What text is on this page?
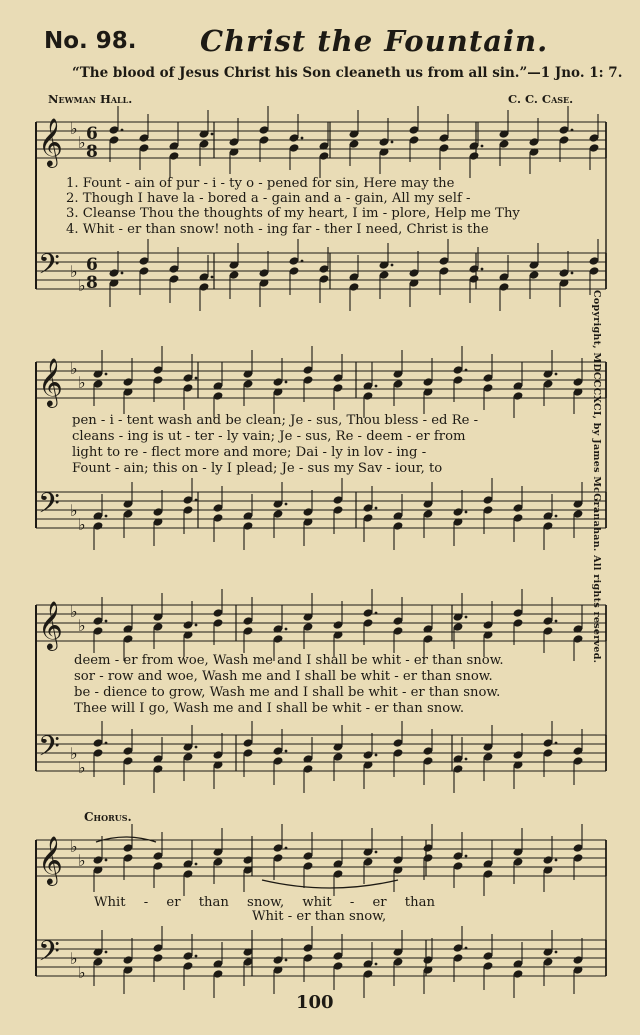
No. 98. Christ the Fountain.
“The blood of Jesus Christ his Son cleaneth us from all sin.”—1 Jno. 1: 7.
Newman Hall.	C. C. Case.
Copyright, MDCCCXCI, by James McGranahan. All rights reserved.
𝄞 ♭
♭ 6
8
𝄢 ♭
♭
6
8
𝄞 ♭
♭
𝄢 ♭
♭
𝄞 ♭
♭
𝄢 ♭
♭
𝄞 ♭
♭
𝄢 ♭
♭
1. Fount - ain of pur - i - ty o - pened for sin, Here may the
2. Though I have la - bored a - gain and a - gain, All my self -
3. Cleanse Thou the thoughts of my heart, I im - plore, Help me Thy
4. Whit - er than snow! noth - ing far - ther I need, Christ is the
pen - i - tent wash and be clean; Je - sus, Thou bless - ed Re -
cleans - ing is ut - ter - ly vain; Je - sus, Re - deem - er from
light to re - flect more and more; Dai - ly in lov - ing -
Fount - ain; this on - ly I plead; Je - sus my Sav - iour, to
deem - er from woe, Wash me and I shall be whit - er than snow.
sor - row and woe, Wash me and I shall be whit - er than snow.
be - dience to grow, Wash me and I shall be whit - er than snow.
Thee will I go, Wash me and I shall be whit - er than snow.
Chorus.
Whit - er than snow, whit - er than
Whit - er than snow,
100
